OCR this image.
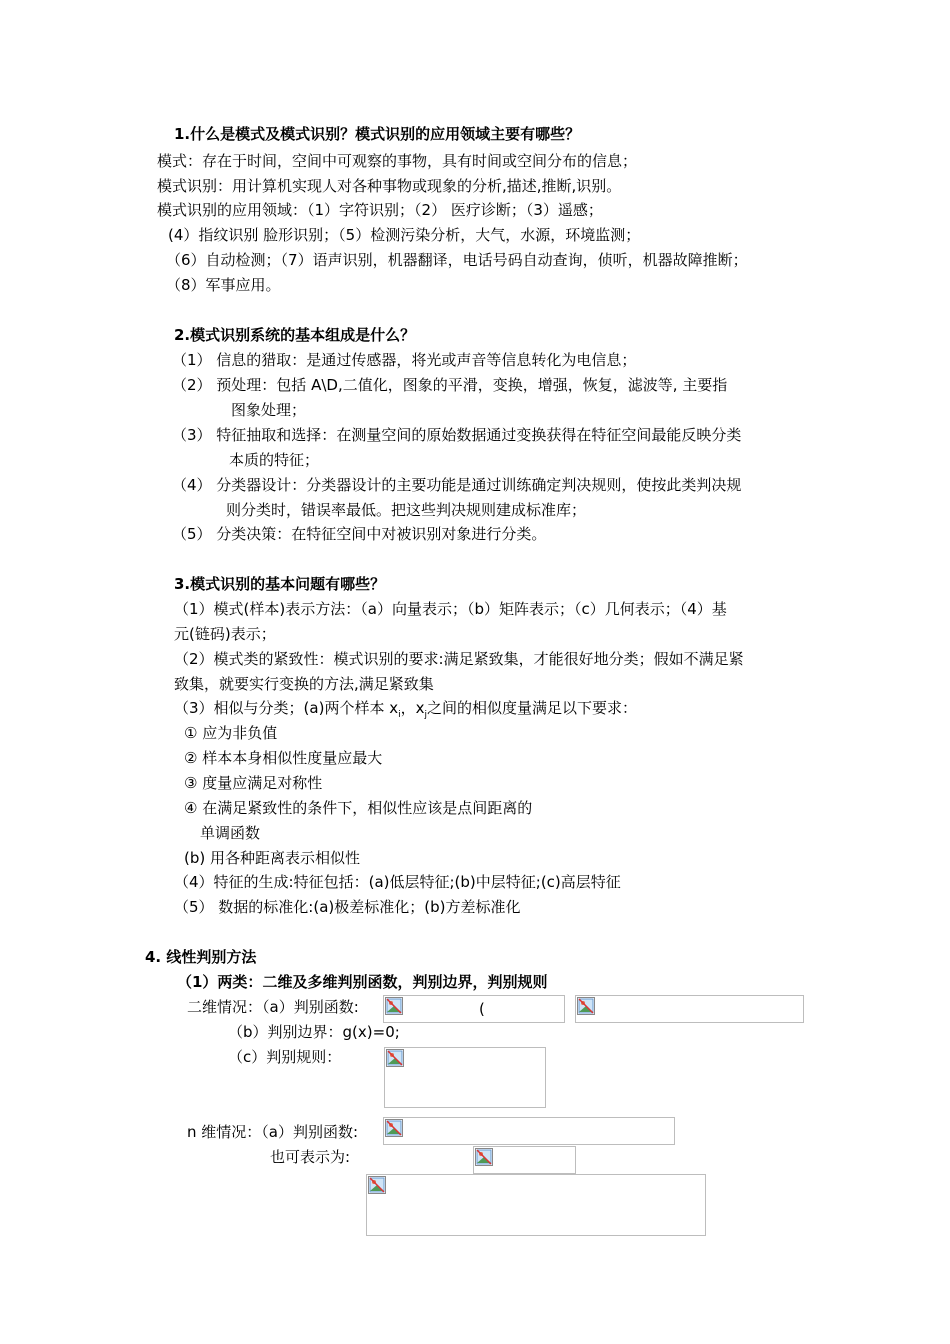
1.什么是模式及模式识别？模式识别的应用领域主要有哪些？
模式：存在于时间，空间中可观察的事物，具有时间或空间分布的信息；
模式识别：用计算机实现人对各种事物或现象的分析,描述,推断,识别。
模式识别的应用领域：（1）字符识别；（2） 医疗诊断；（3）遥感；
(4）指纹识别 脸形识别；（5）检测污染分析，大气，水源，环境监测；
（6）自动检测；（7）语声识别，机器翻译，电话号码自动查询，侦听，机器故障推断；
（8）军事应用。
2.模式识别系统的基本组成是什么？
（1） 信息的猎取：是通过传感器，将光或声音等信息转化为电信息；
（2） 预处理：包括 A\D,二值化，图象的平滑，变换，增强，恢复，滤波等, 主要指
图象处理；
（3） 特征抽取和选择：在测量空间的原始数据通过变换获得在特征空间最能反映分类
本质的特征；
（4） 分类器设计：分类器设计的主要功能是通过训练确定判决规则，使按此类判决规
则分类时，错误率最低。把这些判决规则建成标准库；
（5） 分类决策：在特征空间中对被识别对象进行分类。
3.模式识别的基本问题有哪些？
（1）模式(样本)表示方法：（a）向量表示；（b）矩阵表示；（c）几何表示；（4）基
元(链码)表示；
（2）模式类的紧致性：模式识别的要求:满足紧致集，才能很好地分类；假如不满足紧
致集，就要实行变换的方法,满足紧致集
（3）相似与分类；(a)两个样本 $x_i$，$x_j$之间的相似度量满足以下要求：
① 应为非负值
② 样本本身相似性度量应最大
③ 度量应满足对称性
④ 在满足紧致性的条件下，相似性应该是点间距离的
单调函数
(b) 用各种距离表示相似性
（4）特征的生成:特征包括：(a)低层特征;(b)中层特征;(c)高层特征
（5） 数据的标准化:(a)极差标准化；(b)方差标准化
4. 线性判别方法
（1）两类：二维及多维判别函数，判别边界，判别规则
二维情况：（a）判别函数:	(
（b）判别边界：g(x)=0;
（c）判别规则：
n 维情况：（a）判别函数:
也可表示为:
